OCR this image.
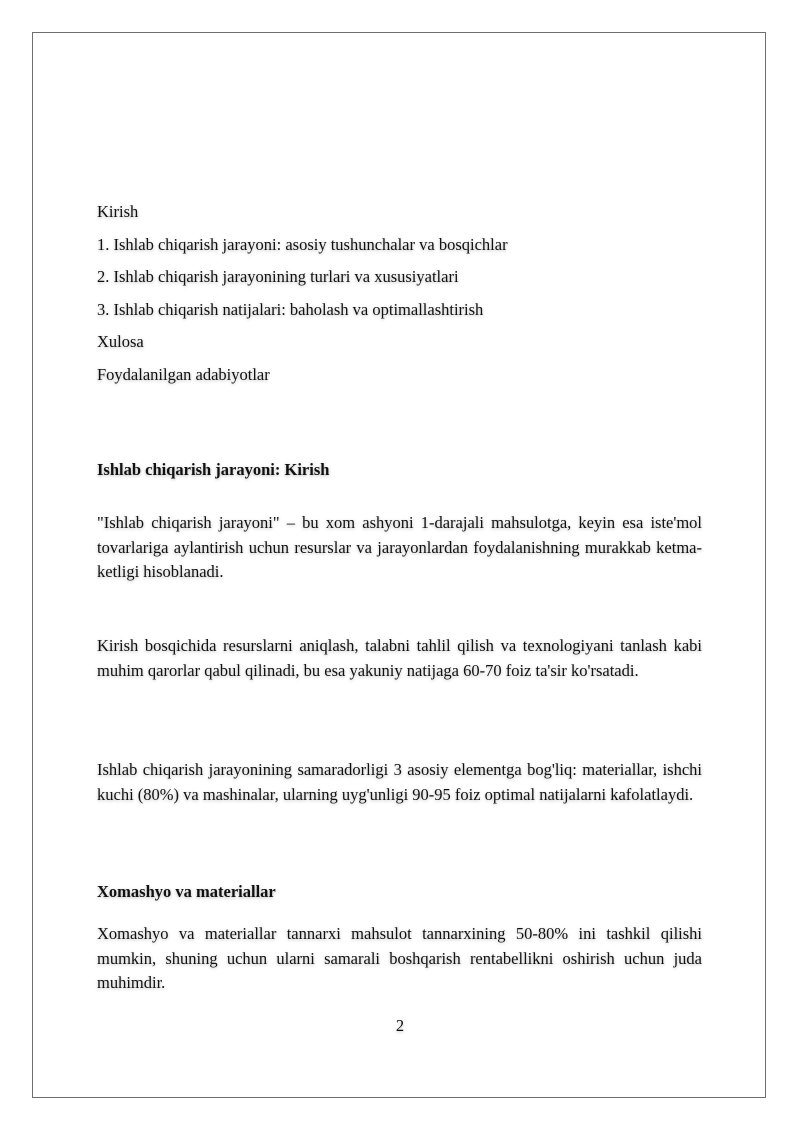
Kirish
1. Ishlab chiqarish jarayoni: asosiy tushunchalar va bosqichlar
2. Ishlab chiqarish jarayonining turlari va xususiyatlari
3. Ishlab chiqarish natijalari: baholash va optimallashtirish
Xulosa
Foydalanilgan adabiyotlar
Ishlab chiqarish jarayoni: Kirish
"Ishlab chiqarish jarayoni" – bu xom ashyoni 1-darajali mahsulotga, keyin esa iste'mol tovarlariga aylantirish uchun resurslar va jarayonlardan foydalanishning murakkab ketma-ketligi hisoblanadi.
Kirish bosqichida resurslarni aniqlash, talabni tahlil qilish va texnologiyani tanlash kabi muhim qarorlar qabul qilinadi, bu esa yakuniy natijaga 60-70 foiz ta'sir ko'rsatadi.
Ishlab chiqarish jarayonining samaradorligi 3 asosiy elementga bog'liq: materiallar, ishchi kuchi (80%) va mashinalar, ularning uyg'unligi 90-95 foiz optimal natijalarni kafolatlaydi.
Xomashyo va materiallar
Xomashyo va materiallar tannarxi mahsulot tannarxining 50-80% ini tashkil qilishi mumkin, shuning uchun ularni samarali boshqarish rentabellikni oshirish uchun juda muhimdir.
2
